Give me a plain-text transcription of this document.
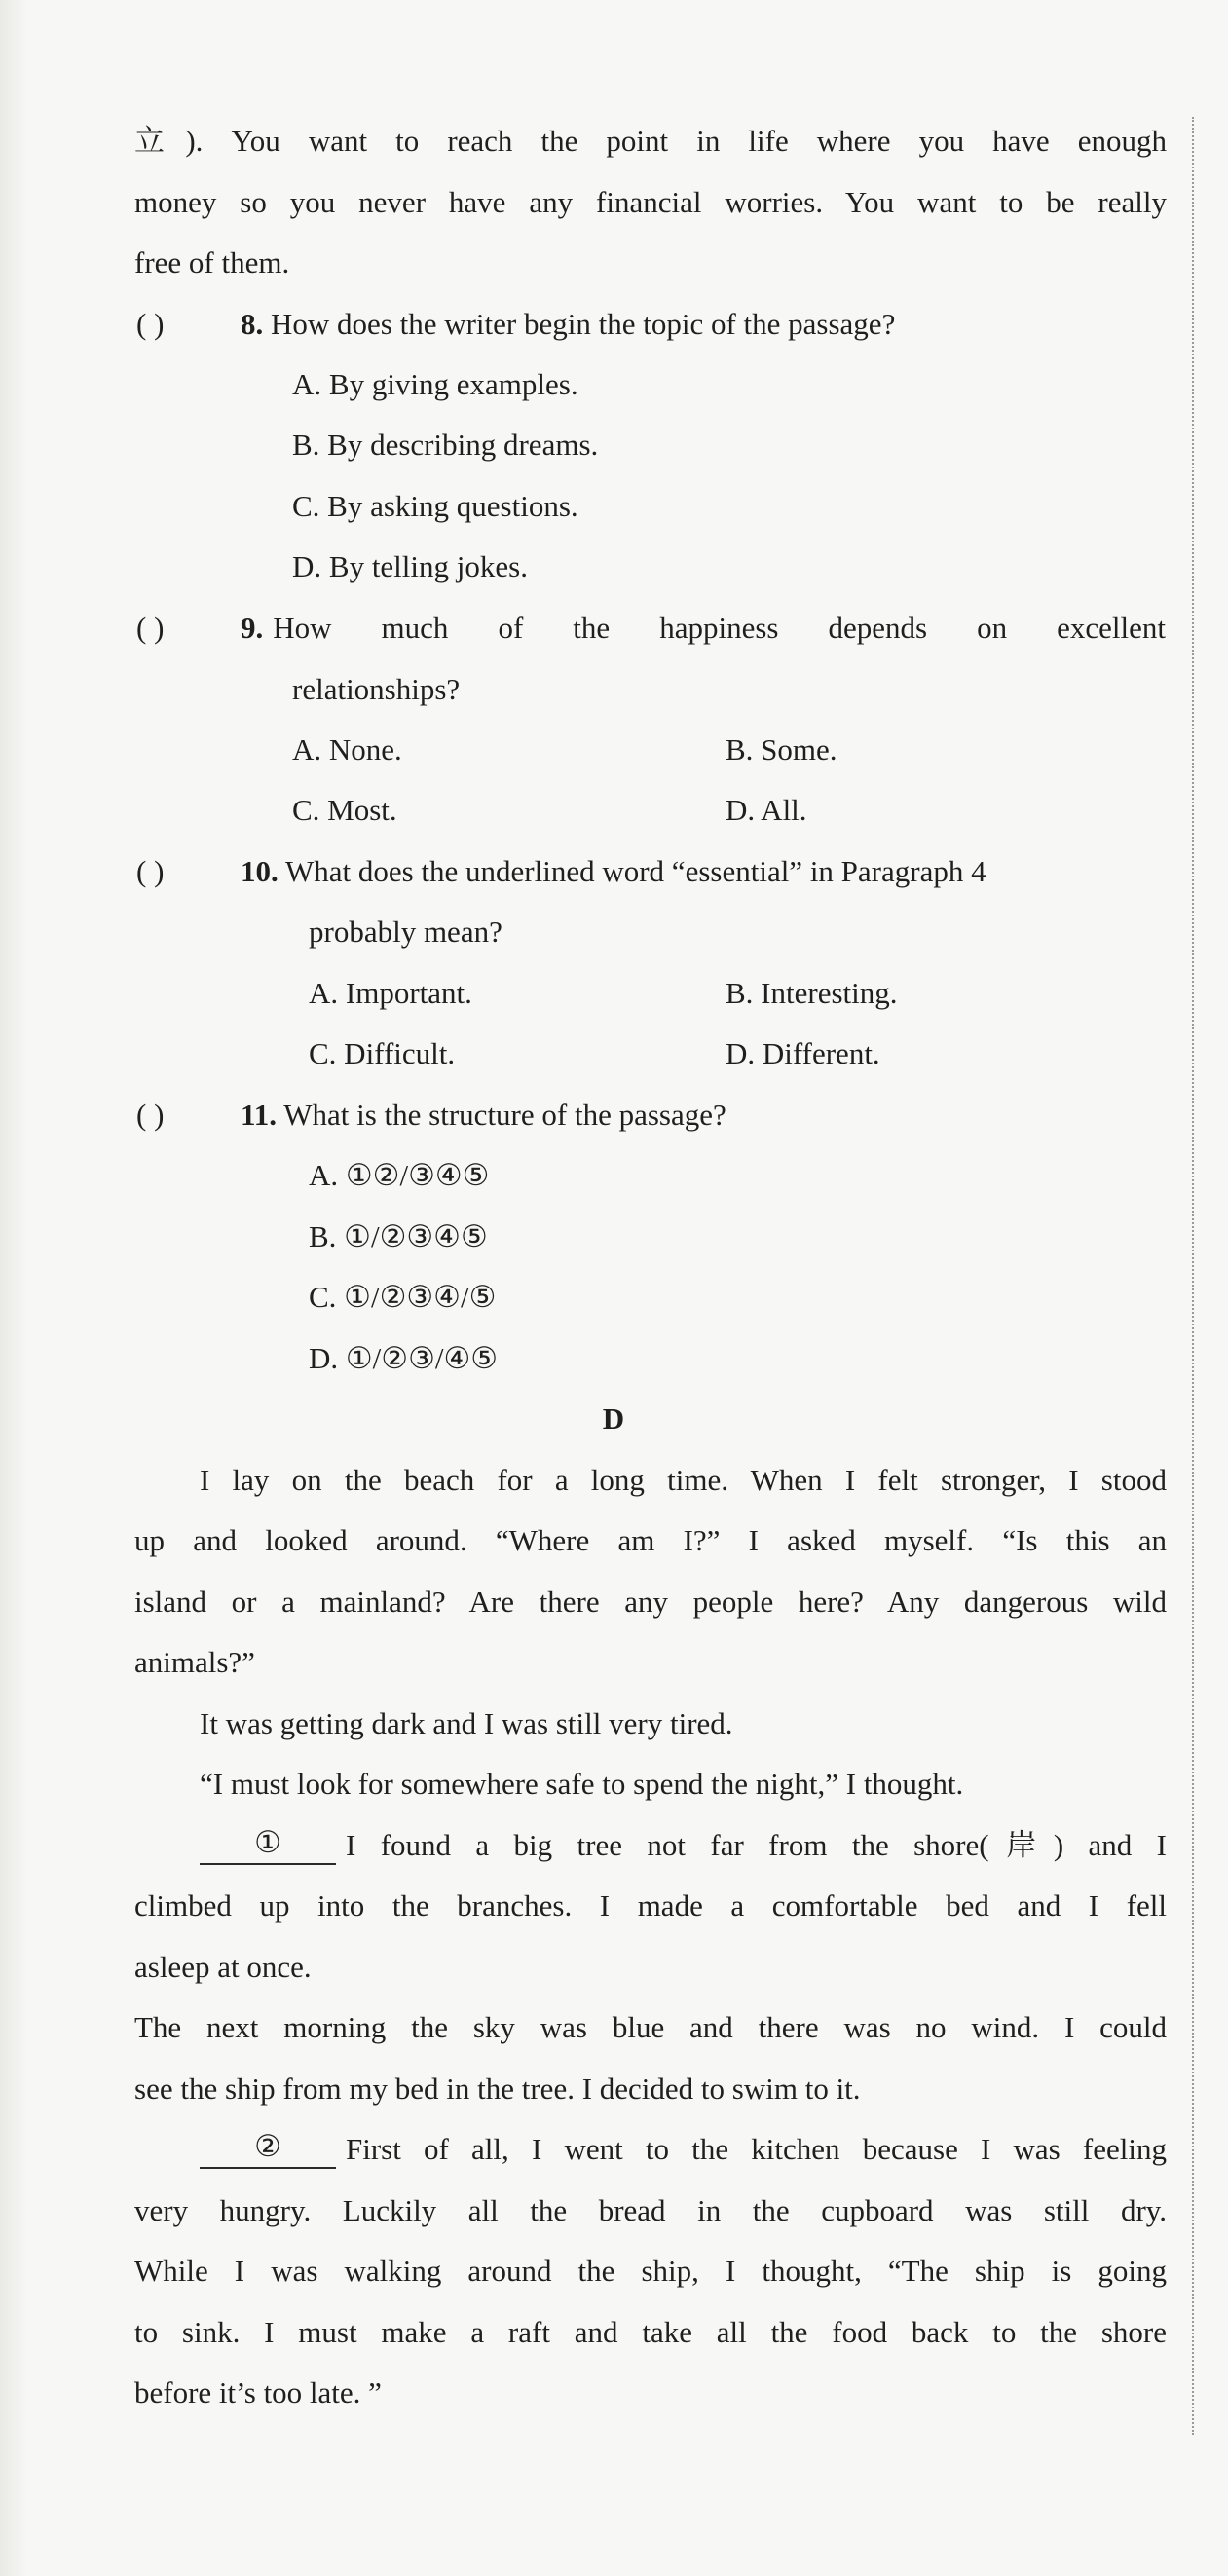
立). You want to reach the point in life where you have enough
money so you never have any financial worries. You want to be really
free of them.
( )	8. How does the writer begin the topic of the passage?
A. By giving examples.
B. By describing dreams.
C. By asking questions.
D. By telling jokes.
( )	9. How much of the happiness depends on excellent
relationships?
A. None.	B. Some.
C. Most.	D. All.
( )	10. What does the underlined word “essential” in Paragraph 4
probably mean?
A. Important.	B. Interesting.
C. Difficult.	D. Different.
( )	11. What is the structure of the passage?
A. ①②/③④⑤
B. ①/②③④⑤
C. ①/②③④/⑤
D. ①/②③/④⑤
D
I lay on the beach for a long time. When I felt stronger, I stood
up and looked around. “Where am I?” I asked myself. “Is this an
island or a mainland? Are there any people here? Any dangerous wild
animals?”
It was getting dark and I was still very tired.
“I must look for somewhere safe to spend the night,” I thought.
①	I found a big tree not far from the shore(岸) and I
climbed up into the branches. I made a comfortable bed and I fell
asleep at once.
The next morning the sky was blue and there was no wind. I could
see the ship from my bed in the tree. I decided to swim to it.
②	First of all, I went to the kitchen because I was feeling
very hungry. Luckily all the bread in the cupboard was still dry.
While I was walking around the ship, I thought, “The ship is going
to sink. I must make a raft and take all the food back to the shore
before it’s too late. ”
